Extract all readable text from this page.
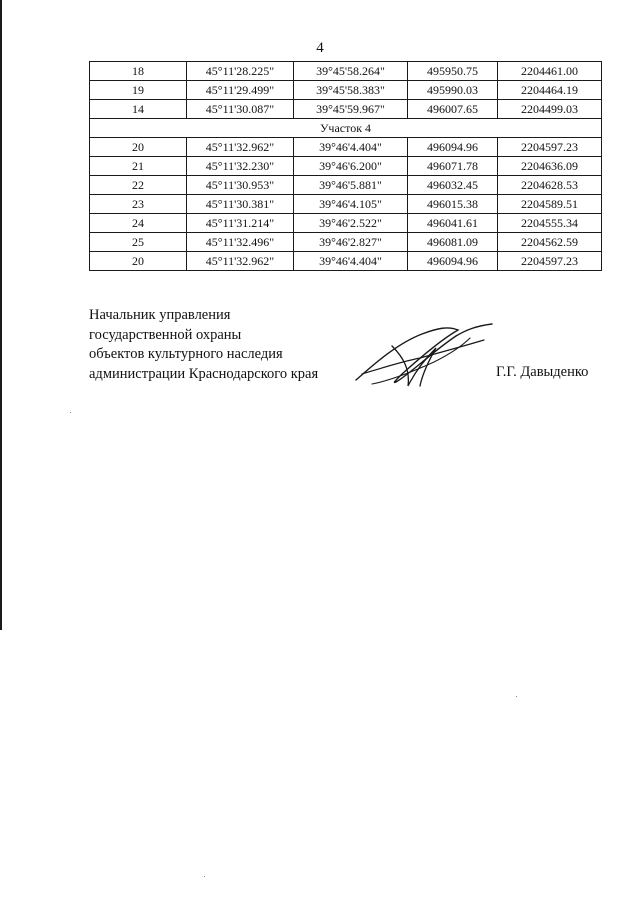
4
18	45°11'28.225"	39°45'58.264"	495950.75	2204461.00
19	45°11'29.499"	39°45'58.383"	495990.03	2204464.19
14	45°11'30.087"	39°45'59.967"	496007.65	2204499.03
Участок 4				
20	45°11'32.962"	39°46'4.404"	496094.96	2204597.23
21	45°11'32.230"	39°46'6.200"	496071.78	2204636.09
22	45°11'30.953"	39°46'5.881"	496032.45	2204628.53
23	45°11'30.381"	39°46'4.105"	496015.38	2204589.51
24	45°11'31.214"	39°46'2.522"	496041.61	2204555.34
25	45°11'32.496"	39°46'2.827"	496081.09	2204562.59
20	45°11'32.962"	39°46'4.404"	496094.96	2204597.23
Начальник управления
государственной охраны
объектов культурного наследия
администрации Краснодарского края	Г.Г. Давыденко
